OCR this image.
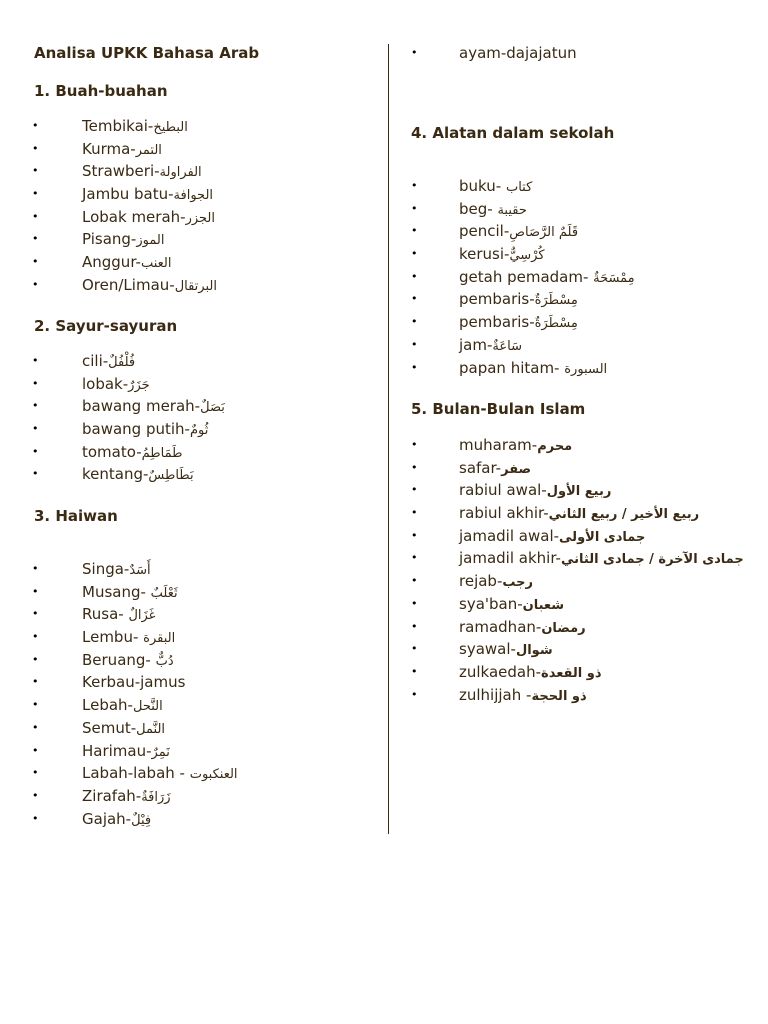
Analisa UPKK Bahasa Arab
1. Buah-buahan
•	Tembikai-البطيخ
•	Kurma-التمر
•	Strawberi-الفراولة
•	Jambu batu-الجوافة
•	Lobak merah-الجزر
•	Pisang-الموز
•	Anggur-العنب
•	Oren/Limau-البرتقال
2. Sayur-sayuran
•	cili-فُلْفُلٌ
•	lobak-جَزَرٌ
•	bawang merah-بَصَلٌ
•	bawang putih-ثُومٌ
•	tomato-طَمَاطِمُ
•	kentang-بَطَاطِسٌ
3. Haiwan
•	Singa-أَسَدٌ
•	Musang- ثَعْلَبٌ
•	Rusa- غَزَالٌ
•	Lembu- البقرة
•	Beruang- دُبٌّ
•	Kerbau-jamus
•	Lebah-النَّحل
•	Semut-النَّمل
•	Harimau-نَمِرٌ
•	Labah-labah - العنكبوت
•	Zirafah-زَرَافَةٌ
•	Gajah-فِيْلٌ
•	ayam-dajajatun
4. Alatan dalam sekolah
•	buku- كتاب
•	beg- حقيبة
•	pencil-قَلَمٌ الرَّصَاصِ
•	kerusi-كُرْسِيٌّ
•	getah pemadam- مِمْسَحَةٌ
•	pembaris-مِسْطَرَةٌ
•	pembaris-مِسْطَرَةٌ
•	jam-سَاعَةٌ
•	papan hitam- السبورة
5. Bulan-Bulan Islam
•	muharam-محرم
•	safar-صفر
•	rabiul awal-ربيع الأول
•	rabiul akhir-ربيع الأخير / ربيع الثاني
•	jamadil awal-جمادى الأولى
•	jamadil akhir-جمادى الآخرة / جمادى الثاني
•	rejab-رجب
•	sya'ban-شعبان
•	ramadhan-رمضان
•	syawal-شوال
•	zulkaedah-ذو القعدة
•	zulhijjah -ذو الحجة
